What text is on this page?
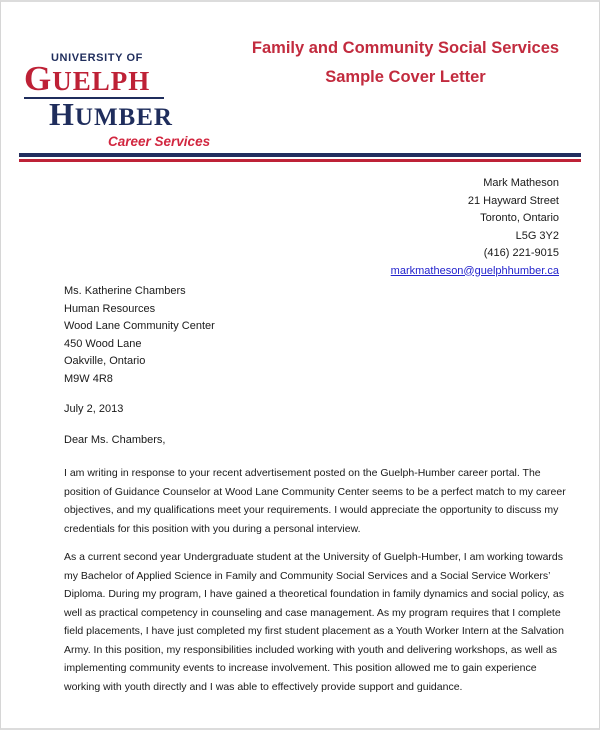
UNIVERSITY OF
GUELPH
HUMBER
Career Services
Family and Community Social Services
Sample Cover Letter
Mark Matheson
21 Hayward Street
Toronto, Ontario
L5G 3Y2
(416) 221-9015
markmatheson@guelphhumber.ca
Ms. Katherine Chambers
Human Resources
Wood Lane Community Center
450 Wood Lane
Oakville, Ontario
M9W 4R8
July 2, 2013
Dear Ms. Chambers,
I am writing in response to your recent advertisement posted on the Guelph-Humber career portal. The
position of Guidance Counselor at Wood Lane Community Center seems to be a perfect match to my career
objectives, and my qualifications meet your requirements. I would appreciate the opportunity to discuss my
credentials for this position with you during a personal interview.
As a current second year Undergraduate student at the University of Guelph-Humber, I am working towards
my Bachelor of Applied Science in Family and Community Social Services and a Social Service Workers’
Diploma. During my program, I have gained a theoretical foundation in family dynamics and social policy, as
well as practical competency in counseling and case management. As my program requires that I complete
field placements, I have just completed my first student placement as a Youth Worker Intern at the Salvation
Army. In this position, my responsibilities included working with youth and delivering workshops, as well as
implementing community events to increase involvement. This position allowed me to gain experience
working with youth directly and I was able to effectively provide support and guidance.
